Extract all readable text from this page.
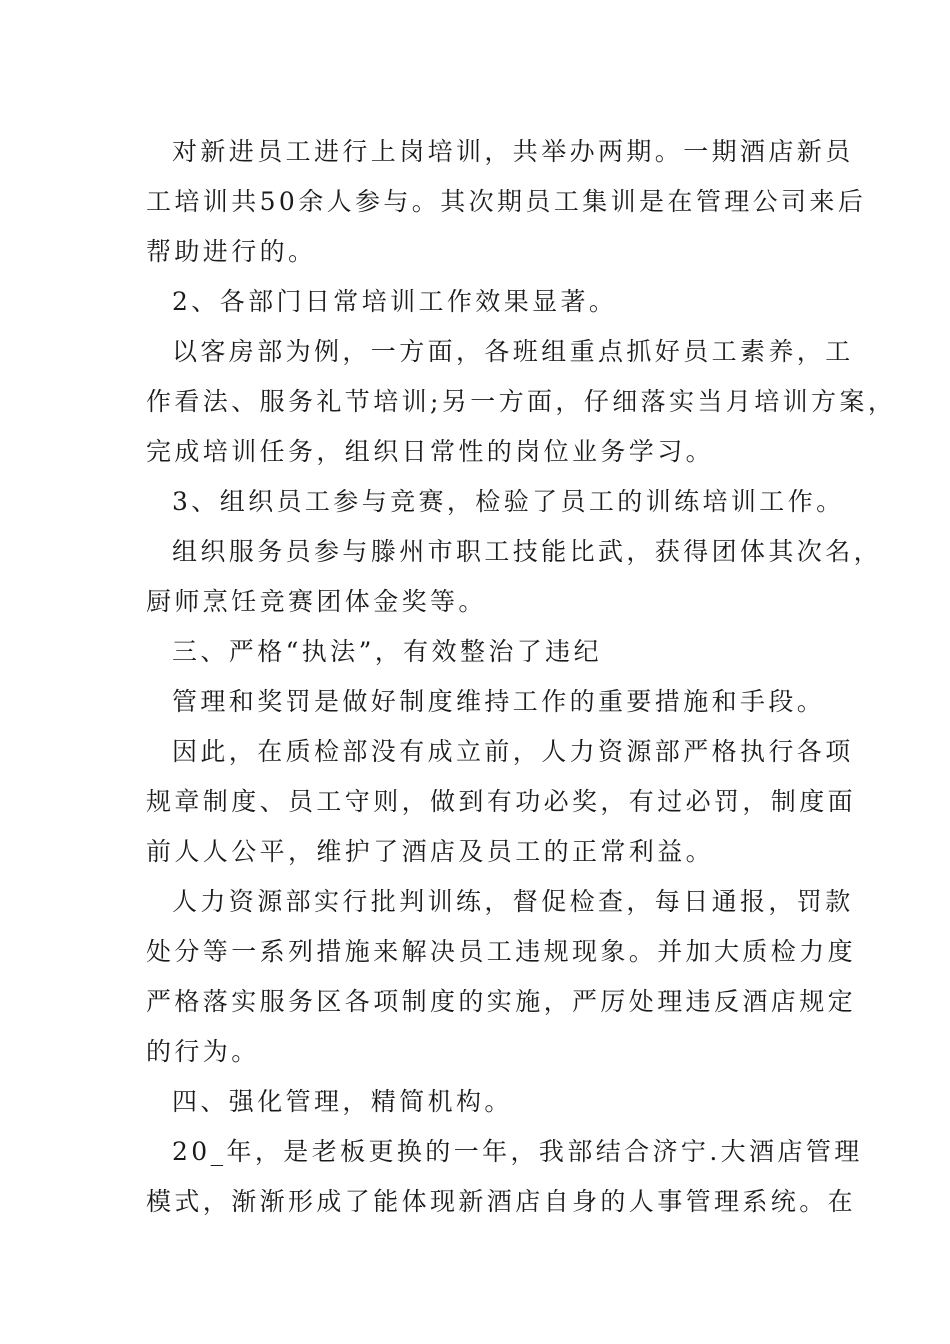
对新进员工进行上岗培训，共举办两期。一期酒店新员
工培训共50余人参与。其次期员工集训是在管理公司来后
帮助进行的。
2、各部门日常培训工作效果显著。
以客房部为例，一方面，各班组重点抓好员工素养，工
作看法、服务礼节培训;另一方面，仔细落实当月培训方案，
完成培训任务，组织日常性的岗位业务学习。
3、组织员工参与竞赛，检验了员工的训练培训工作。
组织服务员参与滕州市职工技能比武，获得团体其次名，
厨师烹饪竞赛团体金奖等。
三、严格“执法”，有效整治了违纪
管理和奖罚是做好制度维持工作的重要措施和手段。
因此，在质检部没有成立前，人力资源部严格执行各项
规章制度、员工守则，做到有功必奖，有过必罚，制度面
前人人公平，维护了酒店及员工的正常利益。
人力资源部实行批判训练，督促检查，每日通报，罚款
处分等一系列措施来解决员工违规现象。并加大质检力度
严格落实服务区各项制度的实施，严厉处理违反酒店规定
的行为。
四、强化管理，精简机构。
20_年，是老板更换的一年，我部结合济宁.大酒店管理
模式，渐渐形成了能体现新酒店自身的人事管理系统。在
